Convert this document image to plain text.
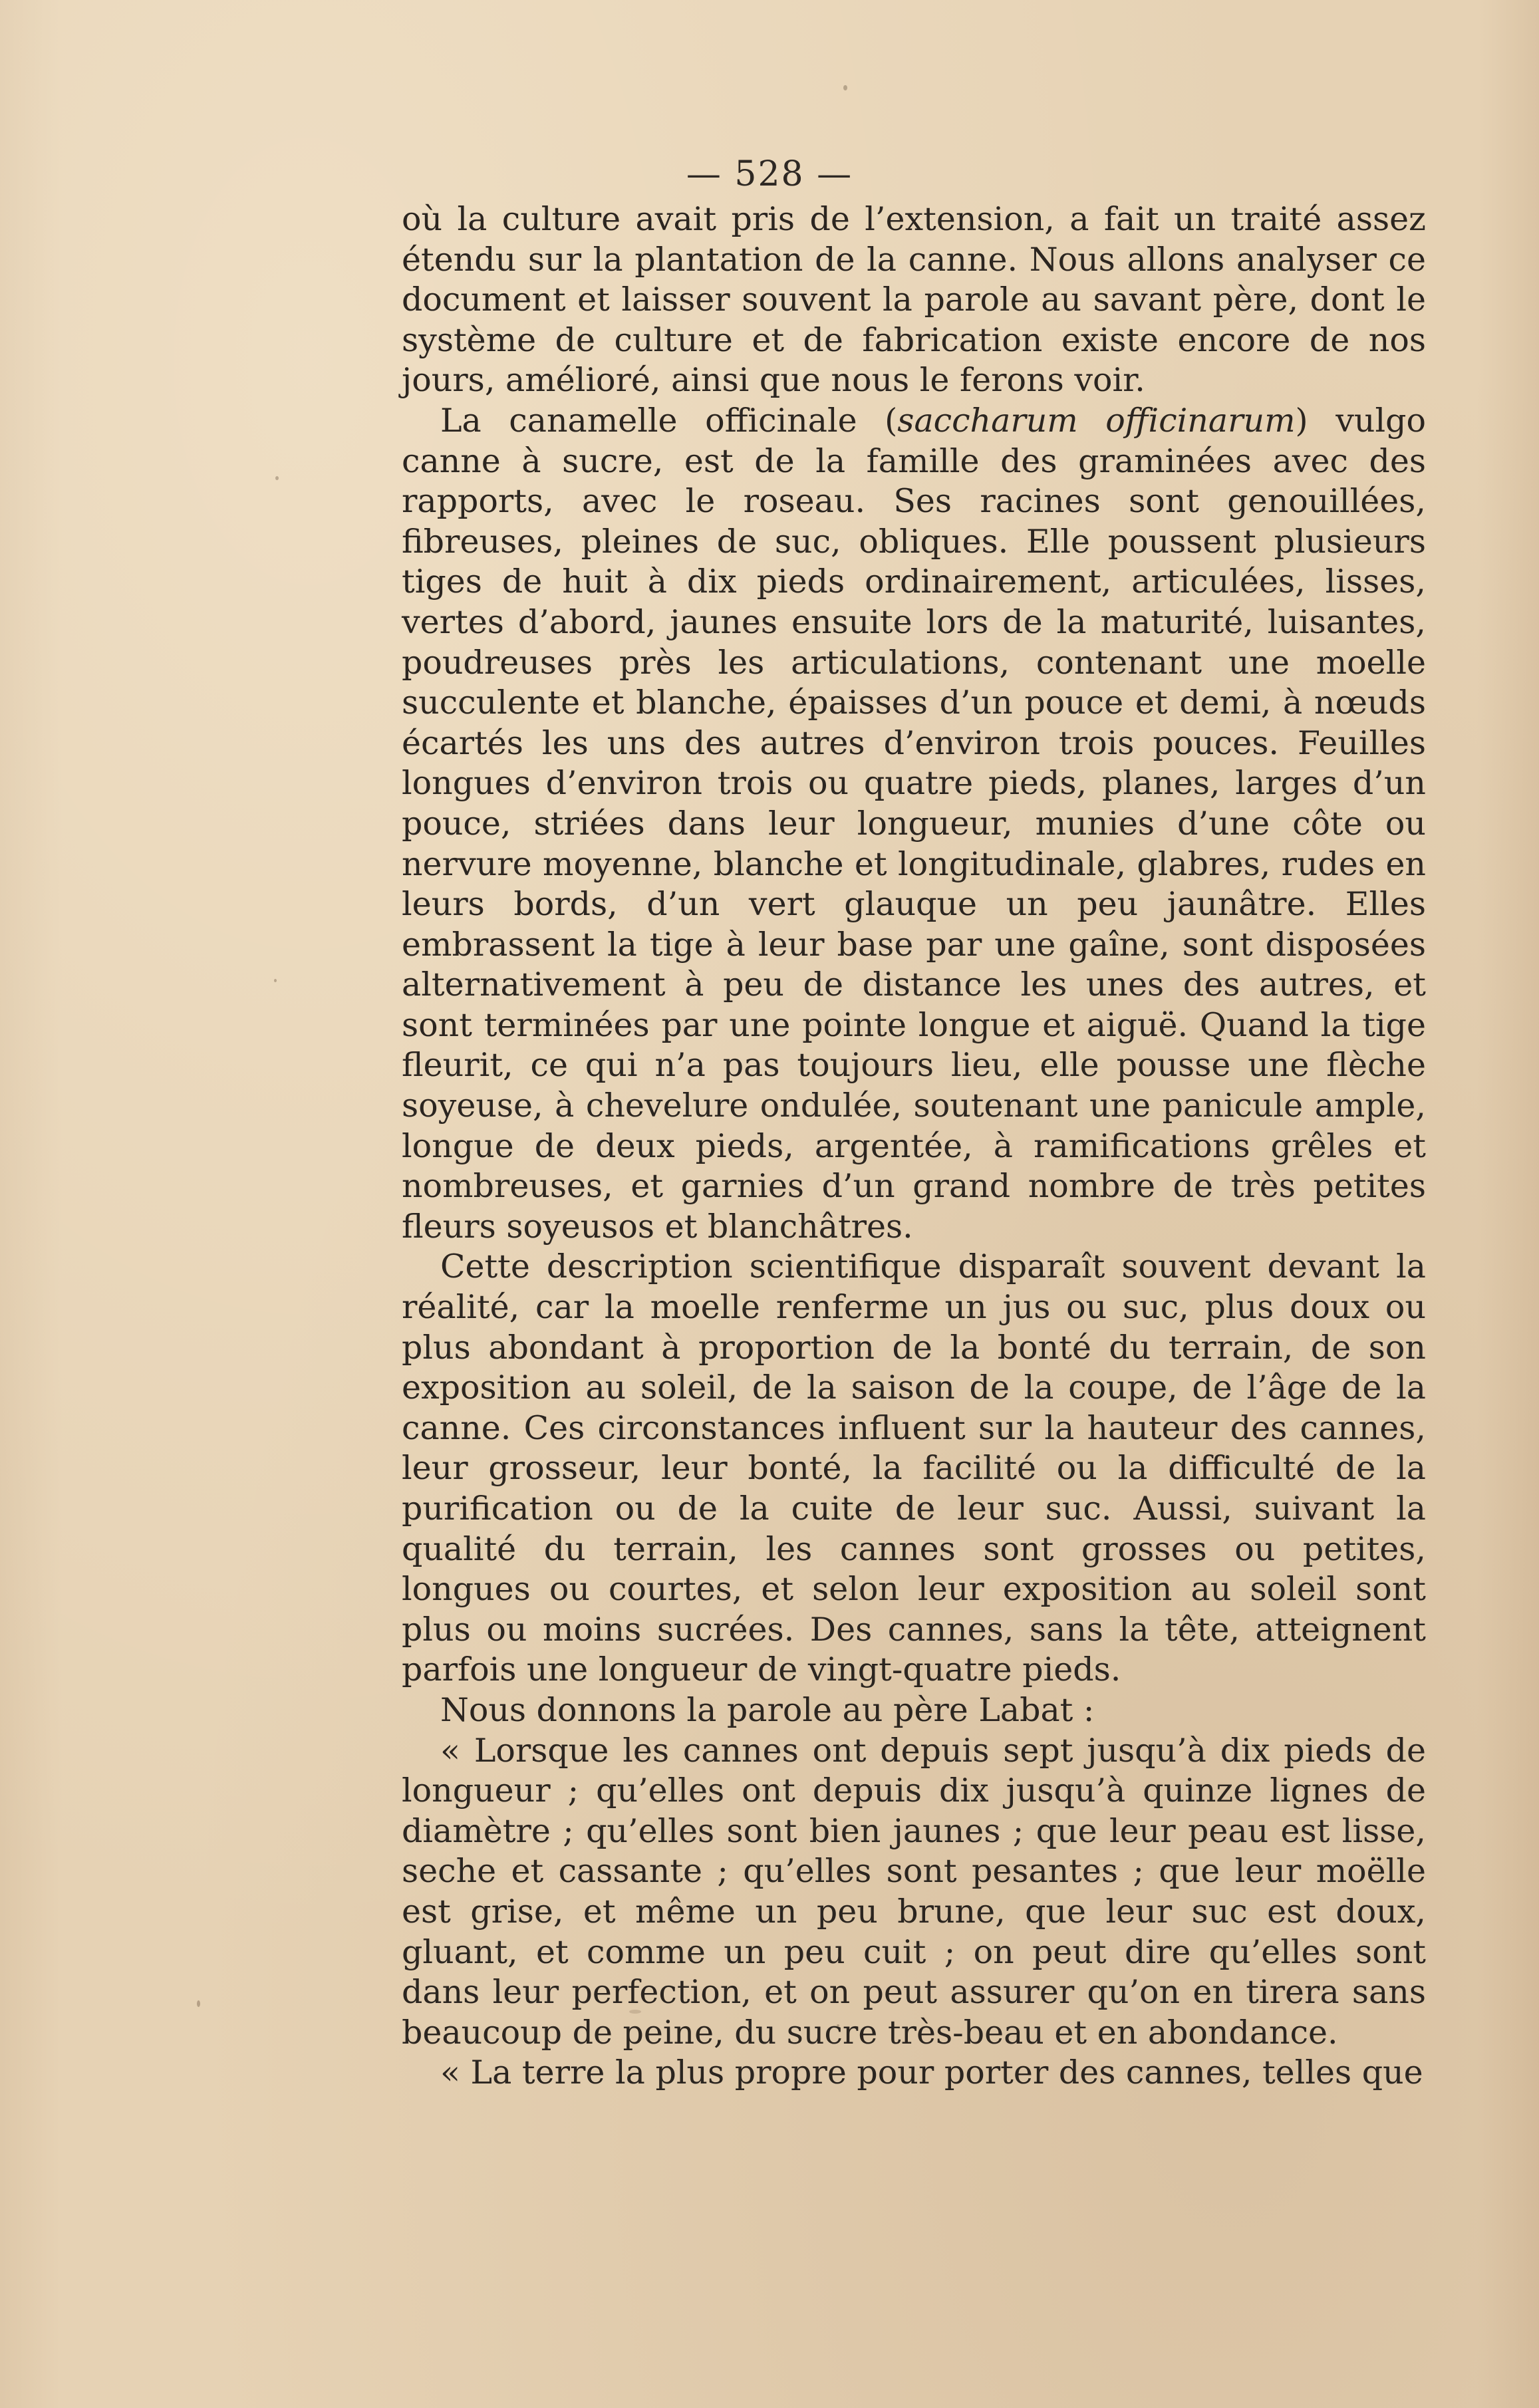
— 528 —

où la culture avait pris de l’extension, a fait un traité assez étendu sur la plantation de la canne. Nous allons analyser ce document et laisser souvent la parole au savant père, dont le système de culture et de fabrication existe encore de nos jours, amélioré, ainsi que nous le ferons voir.

La canamelle officinale (saccharum officinarum) vulgo canne à sucre, est de la famille des graminées avec des rapports, avec le roseau. Ses racines sont genouillées, fibreuses, pleines de suc, obliques. Elle poussent plusieurs tiges de huit à dix pieds ordinairement, articulées, lisses, vertes d’abord, jaunes ensuite lors de la maturité, luisantes, poudreuses près les articulations, contenant une moelle succulente et blanche, épaisses d’un pouce et demi, à nœuds écartés les uns des autres d’environ trois pouces. Feuilles longues d’environ trois ou quatre pieds, planes, larges d’un pouce, striées dans leur longueur, munies d’une côte ou nervure moyenne, blanche et longitudinale, glabres, rudes en leurs bords, d’un vert glauque un peu jaunâtre. Elles embrassent la tige à leur base par une gaîne, sont disposées alternativement à peu de distance les unes des autres, et sont terminées par une pointe longue et aiguë. Quand la tige fleurit, ce qui n’a pas toujours lieu, elle pousse une flèche soyeuse, à chevelure ondulée, soutenant une panicule ample, longue de deux pieds, argentée, à ramifications grêles et nombreuses, et garnies d’un grand nombre de très petites fleurs soyeusos et blanchâtres.

Cette description scientifique disparaît souvent devant la réalité, car la moelle renferme un jus ou suc, plus doux ou plus abondant à proportion de la bonté du terrain, de son exposition au soleil, de la saison de la coupe, de l’âge de la canne. Ces circonstances influent sur la hauteur des cannes, leur grosseur, leur bonté, la facilité ou la difficulté de la purification ou de la cuite de leur suc. Aussi, suivant la qualité du terrain, les cannes sont grosses ou petites, longues ou courtes, et selon leur exposition au soleil sont plus ou moins sucrées. Des cannes, sans la tête, atteignent parfois une longueur de vingt-quatre pieds.

Nous donnons la parole au père Labat :

« Lorsque les cannes ont depuis sept jusqu’à dix pieds de longueur ; qu’elles ont depuis dix jusqu’à quinze lignes de diamètre ; qu’elles sont bien jaunes ; que leur peau est lisse, seche et cassante ; qu’elles sont pesantes ; que leur moëlle est grise, et même un peu brune, que leur suc est doux, gluant, et comme un peu cuit ; on peut dire qu’elles sont dans leur perfection, et on peut assurer qu’on en tirera sans beaucoup de peine, du sucre très-beau et en abondance.

« La terre la plus propre pour porter des cannes, telles que
